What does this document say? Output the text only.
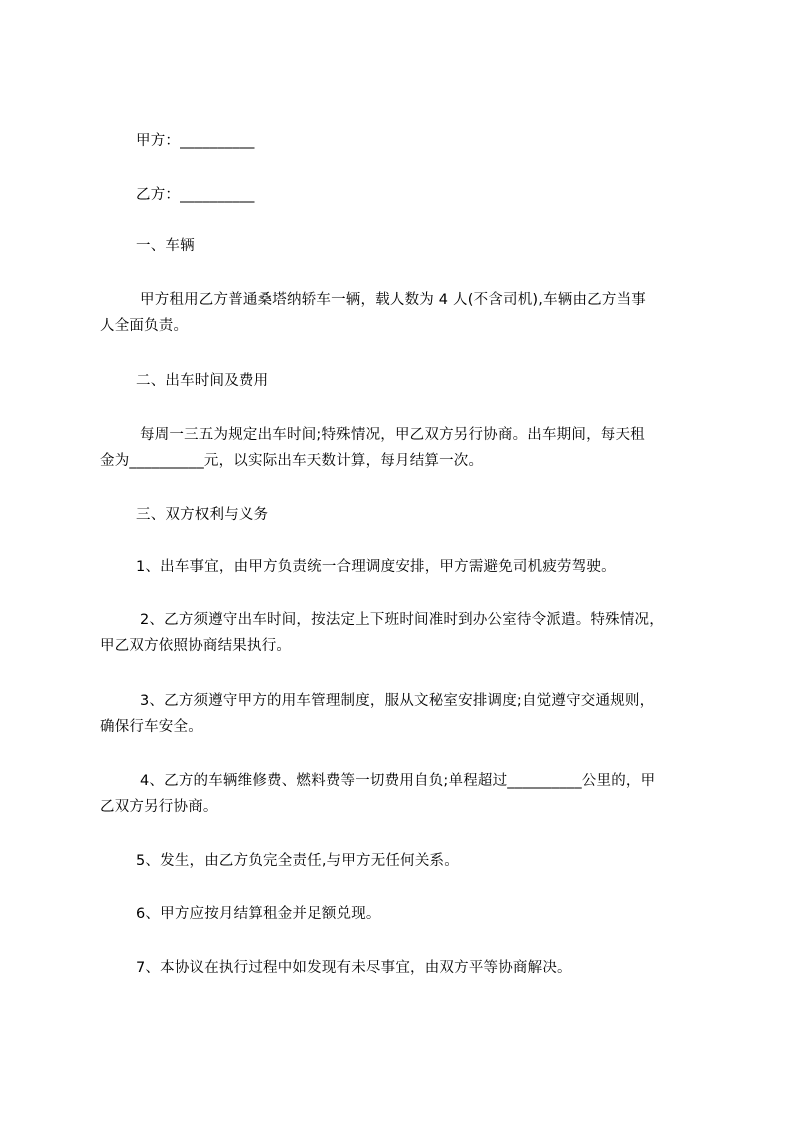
甲方：__________
乙方：__________
一、车辆
甲方租用乙方普通桑塔纳轿车一辆，载人数为 4 人(不含司机),车辆由乙方当事
人全面负责。
二、出车时间及费用
每周一三五为规定出车时间;特殊情况，甲乙双方另行协商。出车期间，每天租
金为__________元，以实际出车天数计算，每月结算一次。
三、双方权利与义务
1、出车事宜，由甲方负责统一合理调度安排，甲方需避免司机疲劳驾驶。
2、乙方须遵守出车时间，按法定上下班时间准时到办公室待令派遣。特殊情况，
甲乙双方依照协商结果执行。
3、乙方须遵守甲方的用车管理制度，服从文秘室安排调度;自觉遵守交通规则，
确保行车安全。
4、乙方的车辆维修费、燃料费等一切费用自负;单程超过__________公里的，甲
乙双方另行协商。
5、发生，由乙方负完全责任,与甲方无任何关系。
6、甲方应按月结算租金并足额兑现。
7、本协议在执行过程中如发现有未尽事宜，由双方平等协商解决。
